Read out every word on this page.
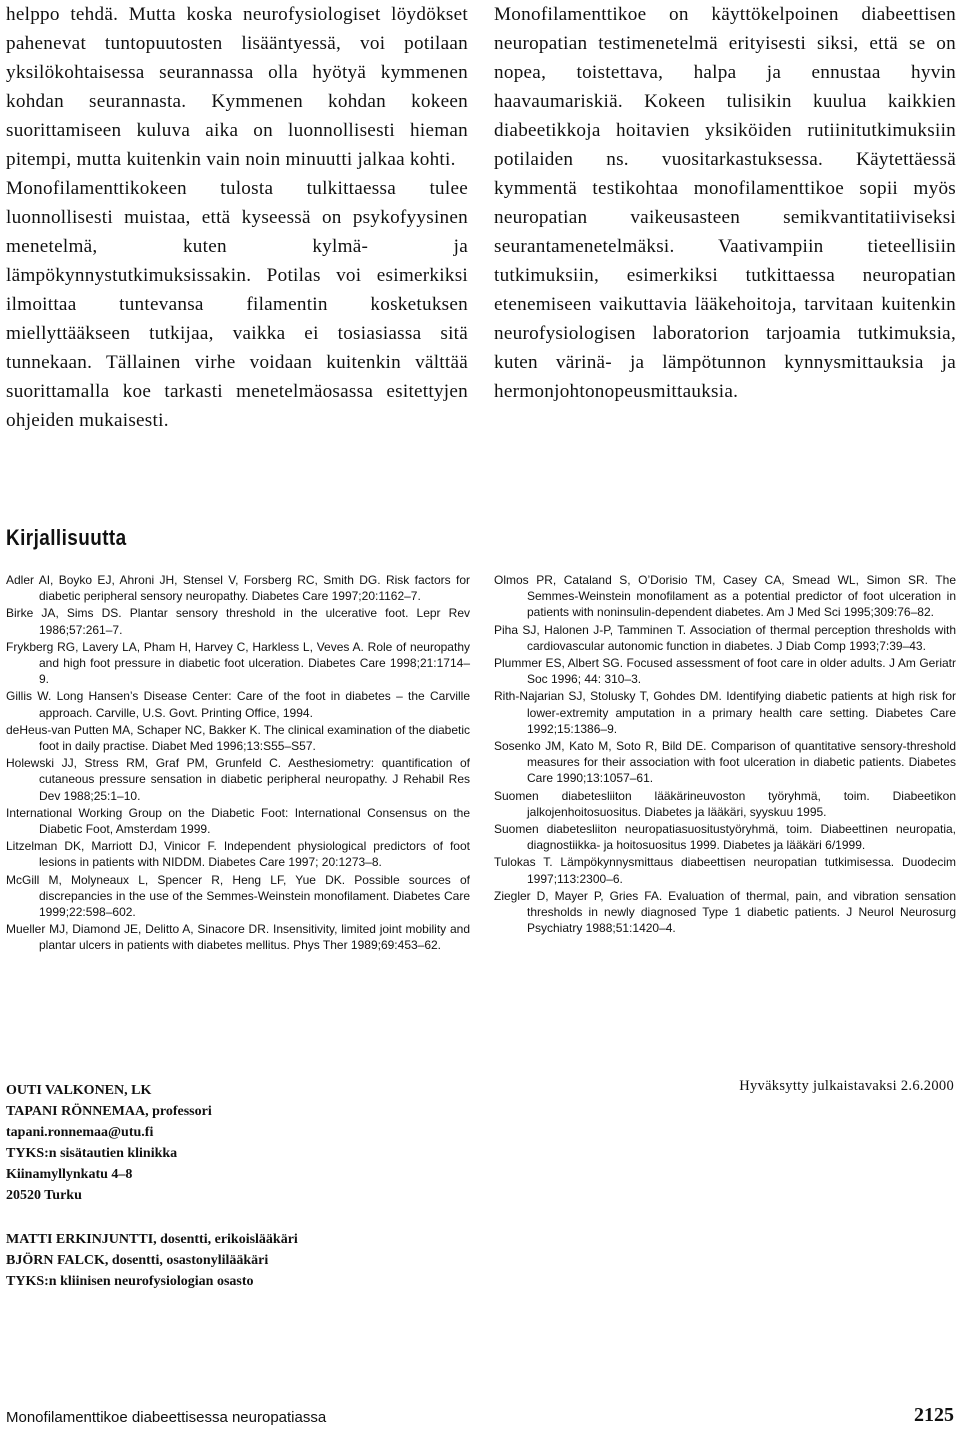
helppo tehdä. Mutta koska neurofysiologiset löydökset pahenevat tuntopuutosten lisääntyessä, voi potilaan yksilökohtaisessa seurannassa olla hyötyä kymmenen kohdan seurannasta. Kymmenen kohdan kokeen suorittamiseen kuluva aika on luonnollisesti hieman pitempi, mutta kuitenkin vain noin minuutti jalkaa kohti.

Monofilamenttikokeen tulosta tulkittaessa tulee luonnollisesti muistaa, että kyseessä on psykofyysinen menetelmä, kuten kylmä- ja lämpökynnystutkimuksissakin. Potilas voi esimerkiksi ilmoittaa tuntevansa filamentin kosketuksen miellyttääkseen tutkijaa, vaikka ei tosiasiassa sitä tunnekaan. Tällainen virhe voidaan kuitenkin välttää suorittamalla koe tarkasti menetelmäosassa esitettyjen ohjeiden mukaisesti.

Monofilamenttikoe on käyttökelpoinen diabeettisen neuropatian testimenetelmä erityisesti siksi, että se on nopea, toistettava, halpa ja ennustaa hyvin haavaumariskiä. Kokeen tulisikin kuulua kaikkien diabeetikkoja hoitavien yksiköiden rutiinitutkimuksiin potilaiden ns. vuositarkastuksessa. Käytettäessä kymmentä testikohtaa monofilamenttikoe sopii myös neuropatian vaikeusasteen semikvantitatiiviseksi seurantamenetelmäksi. Vaativampiin tieteellisiin tutkimuksiin, esimerkiksi tutkittaessa neuropatian etenemiseen vaikuttavia lääkehoitoja, tarvitaan kuitenkin neurofysiologisen laboratorion tarjoamia tutkimuksia, kuten värinä- ja lämpötunnon kynnysmittauksia ja hermonjohtonopeusmittauksia.

Kirjallisuutta

Adler AI, Boyko EJ, Ahroni JH, Stensel V, Forsberg RC, Smith DG. Risk factors for diabetic peripheral sensory neuropathy. Diabetes Care 1997;20:1162–7.

Birke JA, Sims DS. Plantar sensory threshold in the ulcerative foot. Lepr Rev 1986;57:261–7.

Frykberg RG, Lavery LA, Pham H, Harvey C, Harkless L, Veves A. Role of neuropathy and high foot pressure in diabetic foot ulceration. Diabetes Care 1998;21:1714–9.

Gillis W. Long Hansen’s Disease Center: Care of the foot in diabetes – the Carville approach. Carville, U.S. Govt. Printing Office, 1994.

deHeus-van Putten MA, Schaper NC, Bakker K. The clinical examination of the diabetic foot in daily practise. Diabet Med 1996;13:S55–S57.

Holewski JJ, Stress RM, Graf PM, Grunfeld C. Aesthesiometry: quantification of cutaneous pressure sensation in diabetic peripheral neuropathy. J Rehabil Res Dev 1988;25:1–10.

International Working Group on the Diabetic Foot: International Consensus on the Diabetic Foot, Amsterdam 1999.

Litzelman DK, Marriott DJ, Vinicor F. Independent physiological predictors of foot lesions in patients with NIDDM. Diabetes Care 1997; 20:1273–8.

McGill M, Molyneaux L, Spencer R, Heng LF, Yue DK. Possible sources of discrepancies in the use of the Semmes-Weinstein monofilament. Diabetes Care 1999;22:598–602.

Mueller MJ, Diamond JE, Delitto A, Sinacore DR. Insensitivity, limited joint mobility and plantar ulcers in patients with diabetes mellitus. Phys Ther 1989;69:453–62.

Olmos PR, Cataland S, O’Dorisio TM, Casey CA, Smead WL, Simon SR. The Semmes-Weinstein monofilament as a potential predictor of foot ulceration in patients with noninsulin-dependent diabetes. Am J Med Sci 1995;309:76–82.

Piha SJ, Halonen J-P, Tamminen T. Association of thermal perception thresholds with cardiovascular autonomic function in diabetes. J Diab Comp 1993;7:39–43.

Plummer ES, Albert SG. Focused assessment of foot care in older adults. J Am Geriatr Soc 1996; 44: 310–3.

Rith-Najarian SJ, Stolusky T, Gohdes DM. Identifying diabetic patients at high risk for lower-extremity amputation in a primary health care setting. Diabetes Care 1992;15:1386–9.

Sosenko JM, Kato M, Soto R, Bild DE. Comparison of quantitative sensory-threshold measures for their association with foot ulceration in diabetic patients. Diabetes Care 1990;13:1057–61.

Suomen diabetesliiton lääkärineuvoston työryhmä, toim. Diabeetikon jalkojenhoitosuositus. Diabetes ja lääkäri, syyskuu 1995.

Suomen diabetesliiton neuropatiasuositustyöryhmä, toim. Diabeettinen neuropatia, diagnostiikka- ja hoitosuositus 1999. Diabetes ja lääkäri 6/1999.

Tulokas T. Lämpökynnysmittaus diabeettisen neuropatian tutkimisessa. Duodecim 1997;113:2300–6.

Ziegler D, Mayer P, Gries FA. Evaluation of thermal, pain, and vibration sensation thresholds in newly diagnosed Type 1 diabetic patients. J Neurol Neurosurg Psychiatry 1988;51:1420–4.

OUTI VALKONEN, LK
TAPANI RÖNNEMAA, professori
tapani.ronnemaa@utu.fi
TYKS:n sisätautien klinikka
Kiinamyllynkatu 4–8
20520 Turku
MATTI ERKINJUNTTI, dosentti, erikoislääkäri
BJÖRN FALCK, dosentti, osastonylilääkäri
TYKS:n kliinisen neurofysiologian osasto
Hyväksytty julkaistavaksi 2.6.2000
Monofilamenttikoe diabeettisessa neuropatiassa	2125
